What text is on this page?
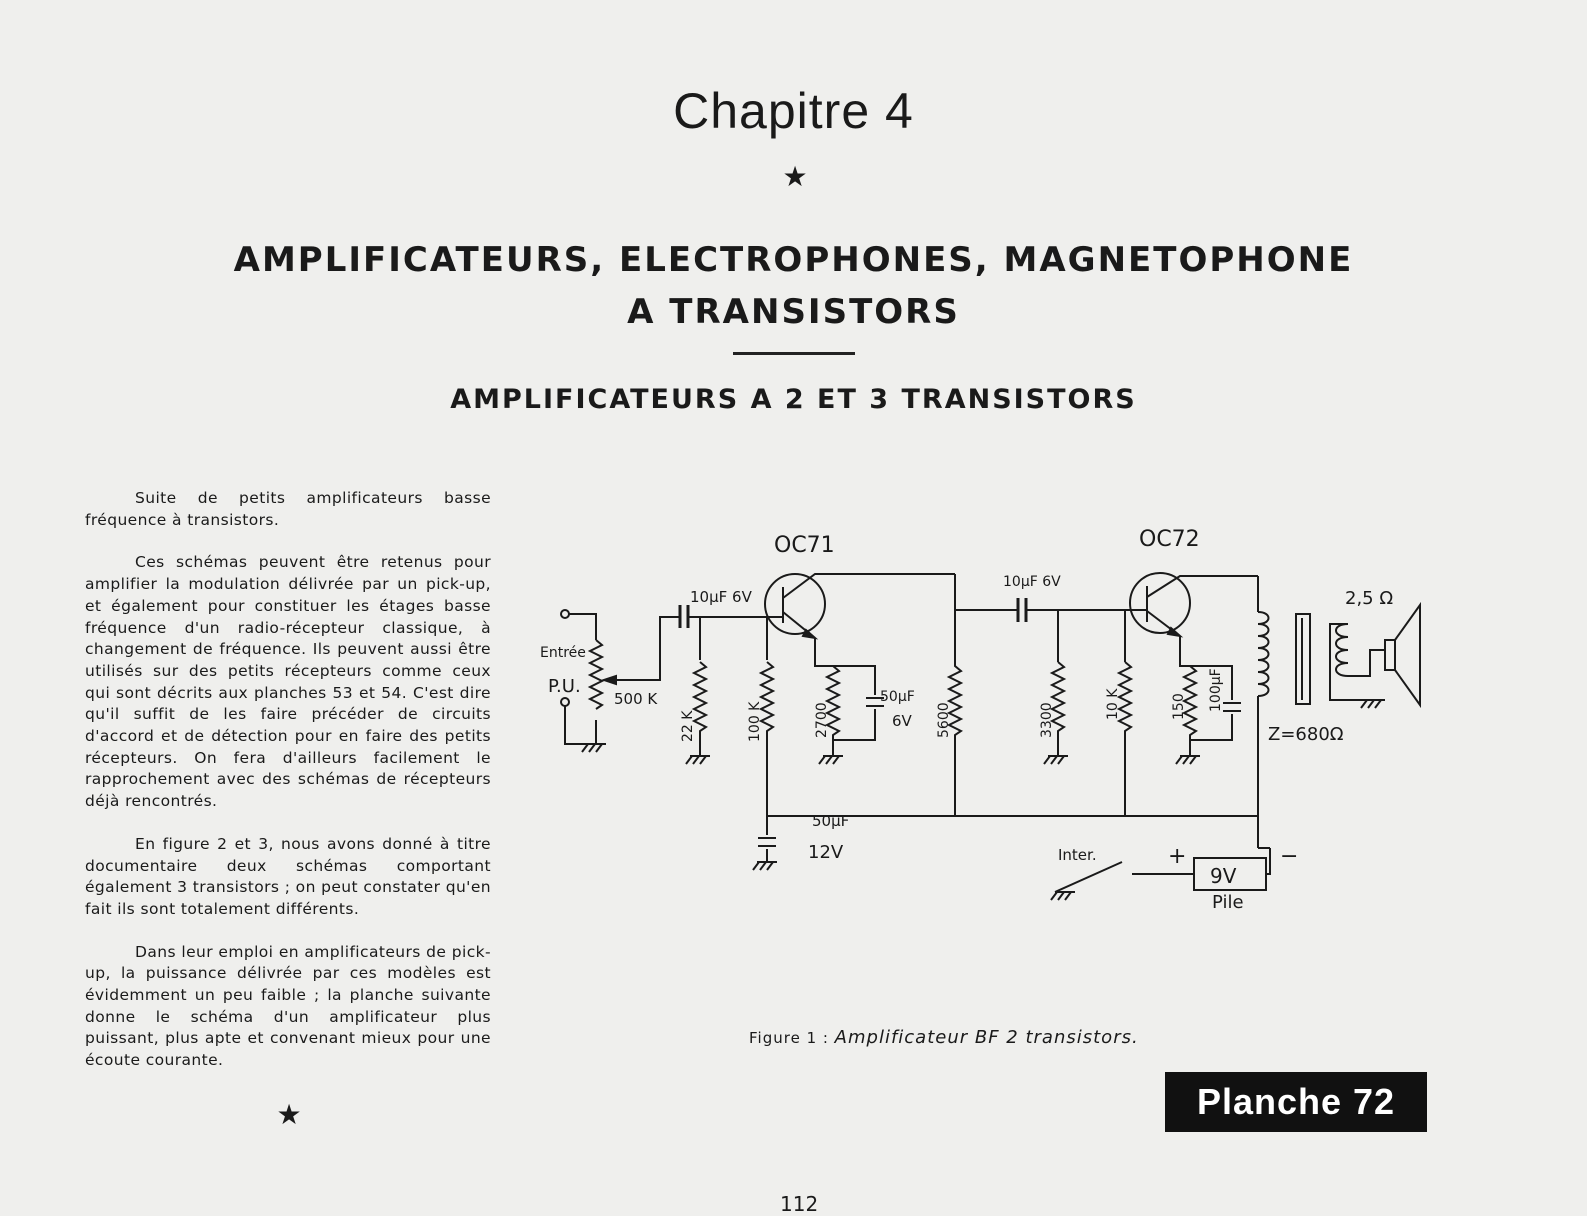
Chapitre 4
★
AMPLIFICATEURS, ELECTROPHONES, MAGNETOPHONE
A TRANSISTORS
AMPLIFICATEURS A 2 ET 3 TRANSISTORS

Suite de petits amplificateurs basse fréquence à transistors.

Ces schémas peuvent être retenus pour amplifier la modulation délivrée par un pick-up, et également pour constituer les étages basse fréquence d'un radio-récepteur classique, à changement de fréquence. Ils peuvent aussi être utilisés sur des petits récepteurs comme ceux qui sont décrits aux planches 53 et 54. C'est dire qu'il suffit de les faire précéder de circuits d'accord et de détection pour en faire des petits récepteurs. On fera d'ailleurs facilement le rapprochement avec des schémas de récepteurs déjà rencontrés.

En figure 2 et 3, nous avons donné à titre documentaire deux schémas comportant également 3 transistors ; on peut constater qu'en fait ils sont totalement différents.

Dans leur emploi en amplificateurs de pick-up, la puissance délivrée par ces modèles est évidemment un peu faible ; la planche suivante donne le schéma d'un amplificateur plus puissant, plus apte et convenant mieux pour une écoute courante.

★
OC71	OC72
Entrée
P.U.
500 K
10µF 6V
22 K	100 K	2700
50µF
6V 5600
10µF 6V
3300	10 K	150 100µF
50µF
12V
Z=680Ω
2,5 Ω
Inter.	+	−
9V
Pile
Figure 1 : Amplificateur BF 2 transistors.
Planche 72
112
